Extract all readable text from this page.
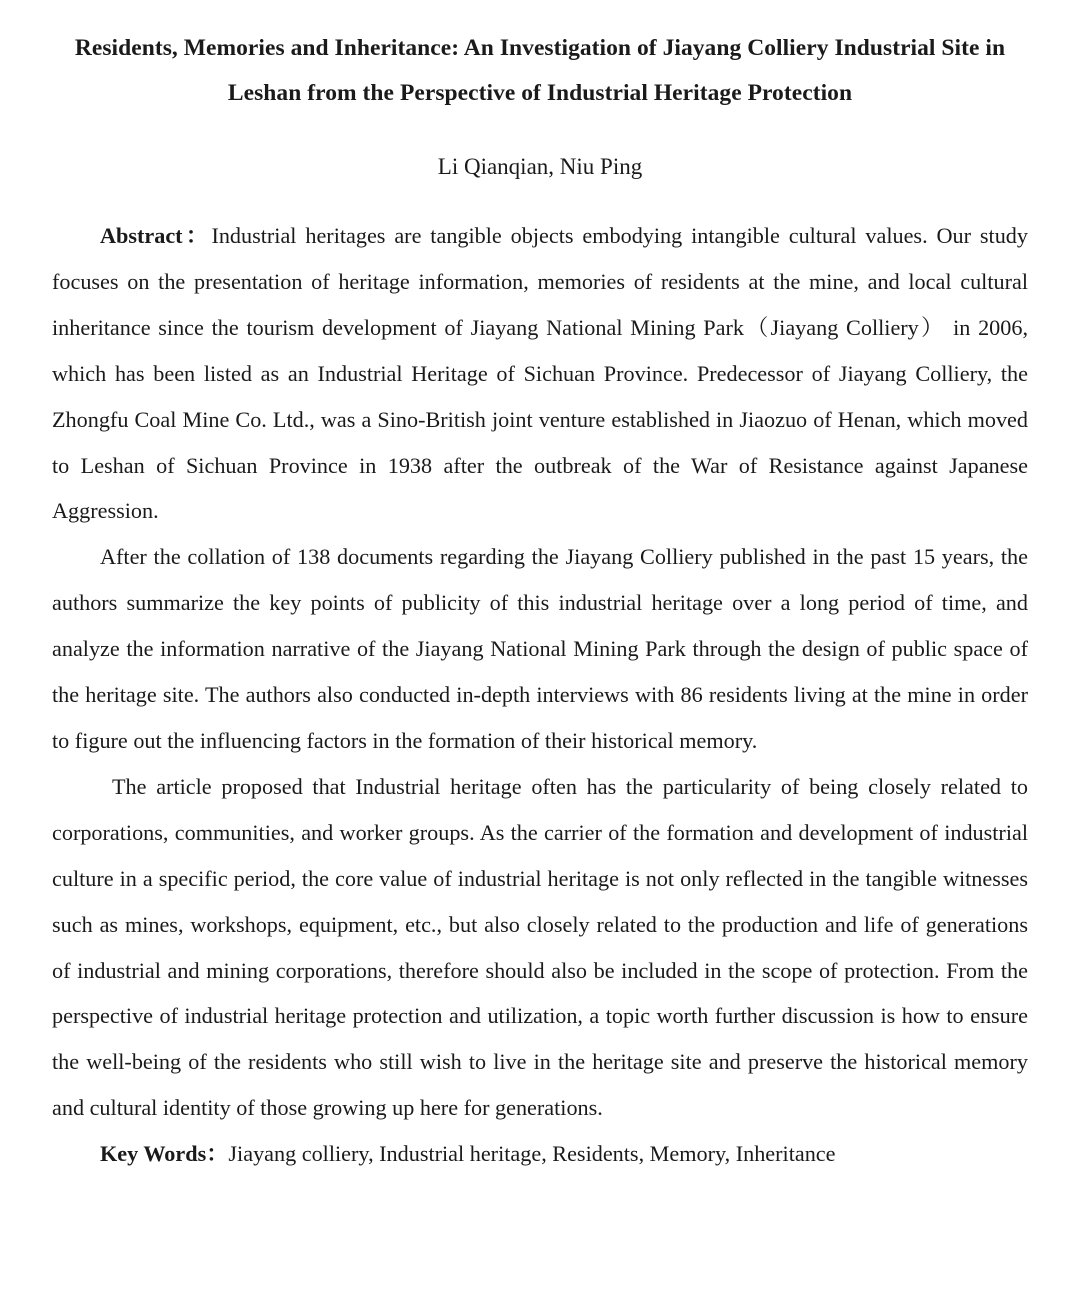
Residents, Memories and Inheritance: An Investigation of Jiayang Colliery Industrial Site in Leshan from the Perspective of Industrial Heritage Protection
Li Qianqian, Niu Ping

Abstract：Industrial heritages are tangible objects embodying intangible cultural values. Our study focuses on the presentation of heritage information, memories of residents at the mine, and local cultural inheritance since the tourism development of Jiayang National Mining Park（Jiayang Colliery） in 2006, which has been listed as an Industrial Heritage of Sichuan Province. Predecessor of Jiayang Colliery, the Zhongfu Coal Mine Co. Ltd., was a Sino-British joint venture established in Jiaozuo of Henan, which moved to Leshan of Sichuan Province in 1938 after the outbreak of the War of Resistance against Japanese Aggression.

After the collation of 138 documents regarding the Jiayang Colliery published in the past 15 years, the authors summarize the key points of publicity of this industrial heritage over a long period of time, and analyze the information narrative of the Jiayang National Mining Park through the design of public space of the heritage site. The authors also conducted in-depth interviews with 86 residents living at the mine in order to figure out the influencing factors in the formation of their historical memory.

The article proposed that Industrial heritage often has the particularity of being closely related to corporations, communities, and worker groups. As the carrier of the formation and development of industrial culture in a specific period, the core value of industrial heritage is not only reflected in the tangible witnesses such as mines, workshops, equipment, etc., but also closely related to the production and life of generations of industrial and mining corporations, therefore should also be included in the scope of protection. From the perspective of industrial heritage protection and utilization, a topic worth further discussion is how to ensure the well-being of the residents who still wish to live in the heritage site and preserve the historical memory and cultural identity of those growing up here for generations.

Key Words：Jiayang colliery, Industrial heritage, Residents, Memory, Inheritance
